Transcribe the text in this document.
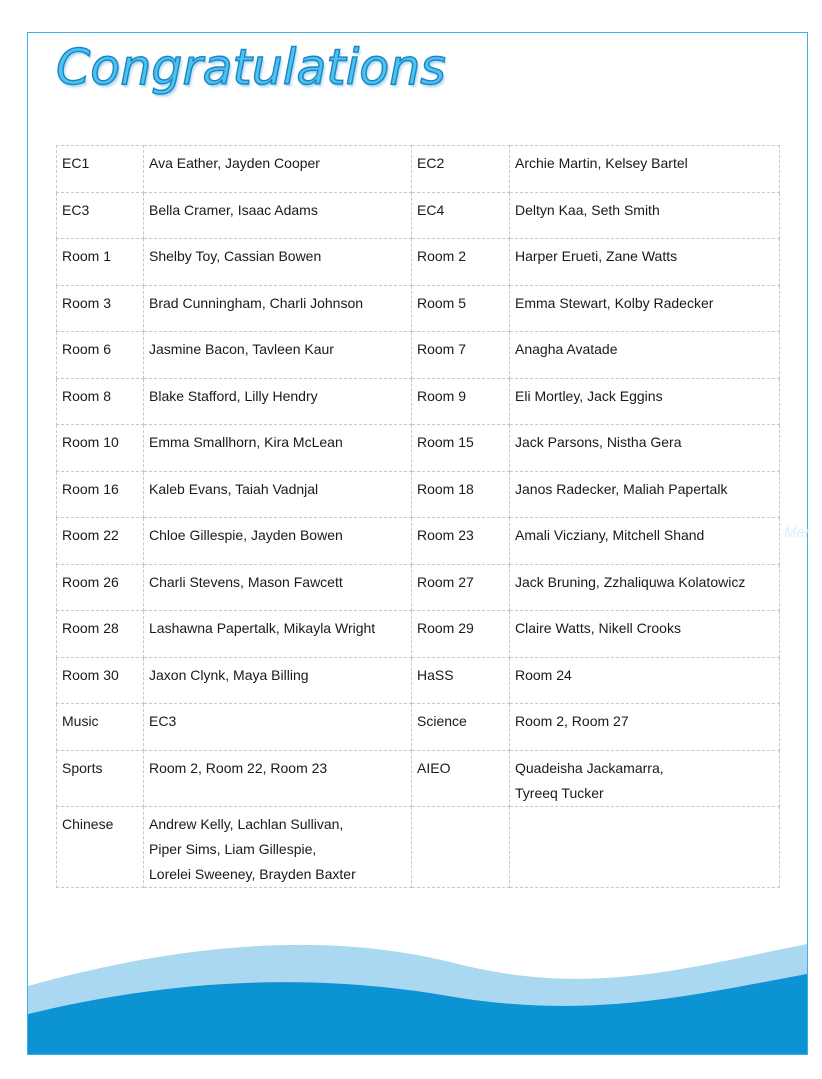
Congratulations
EC1	Ava Eather, Jayden Cooper	EC2	Archie Martin, Kelsey Bartel
EC3	Bella Cramer, Isaac Adams	EC4	Deltyn Kaa, Seth Smith
Room 1	Shelby Toy, Cassian Bowen	Room 2	Harper Erueti, Zane Watts
Room 3	Brad Cunningham, Charli Johnson	Room 5	Emma Stewart, Kolby Radecker
Room 6	Jasmine Bacon, Tavleen Kaur	Room 7	Anagha Avatade
Room 8	Blake Stafford, Lilly Hendry	Room 9	Eli Mortley, Jack Eggins
Room 10	Emma Smallhorn, Kira McLean	Room 15	Jack Parsons, Nistha Gera
Room 16	Kaleb Evans, Taiah Vadnjal	Room 18	Janos Radecker, Maliah Papertalk
Room 22	Chloe Gillespie, Jayden Bowen	Room 23	Amali Vicziany, Mitchell Shand
Room 26	Charli Stevens, Mason Fawcett	Room 27	Jack Bruning, Zzhaliquwa Kolatowicz
Room 28	Lashawna Papertalk, Mikayla Wright	Room 29	Claire Watts, Nikell Crooks
Room 30	Jaxon Clynk, Maya Billing	HaSS	Room 24
Music	EC3	Science	Room 2, Room 27
Sports	Room 2, Room 22, Room 23	AIEO	Quadeisha Jackamarra,
Tyreeq Tucker
Chinese	Andrew Kelly, Lachlan Sullivan,
Piper Sims, Liam Gillespie,
Lorelei Sweeney, Brayden Baxter		
Mer
